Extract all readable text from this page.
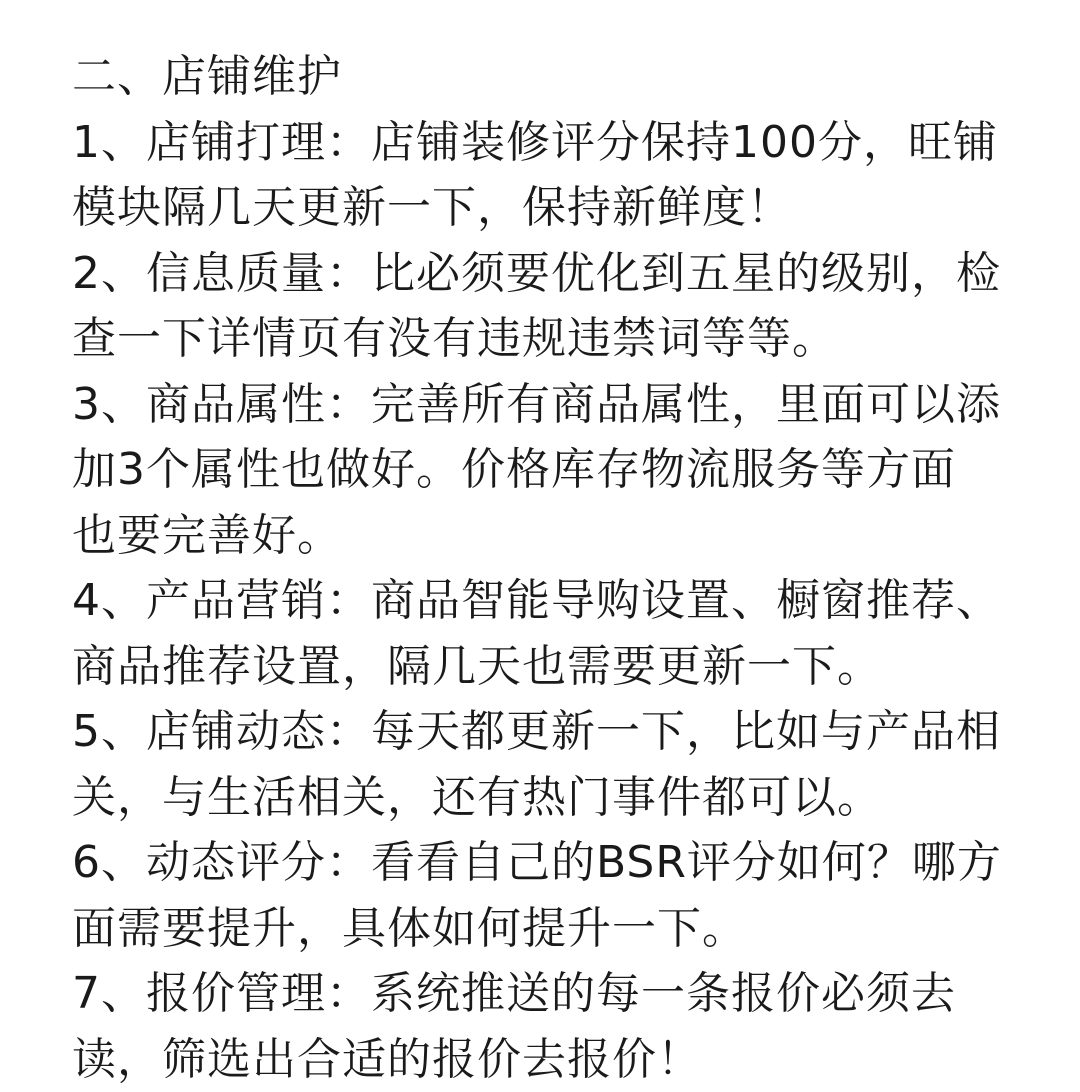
二、店铺维护
1、店铺打理：店铺装修评分保持100分，旺铺
模块隔几天更新一下，保持新鲜度！
2、信息质量：比必须要优化到五星的级别，检
查一下详情页有没有违规违禁词等等。
3、商品属性：完善所有商品属性，里面可以添
加3个属性也做好。价格库存物流服务等方面
也要完善好。
4、产品营销：商品智能导购设置、橱窗推荐、
商品推荐设置，隔几天也需要更新一下。
5、店铺动态：每天都更新一下，比如与产品相
关，与生活相关，还有热门事件都可以。
6、动态评分：看看自己的BSR评分如何？哪方
面需要提升，具体如何提升一下。
7、报价管理：系统推送的每一条报价必须去
读，筛选出合适的报价去报价！
